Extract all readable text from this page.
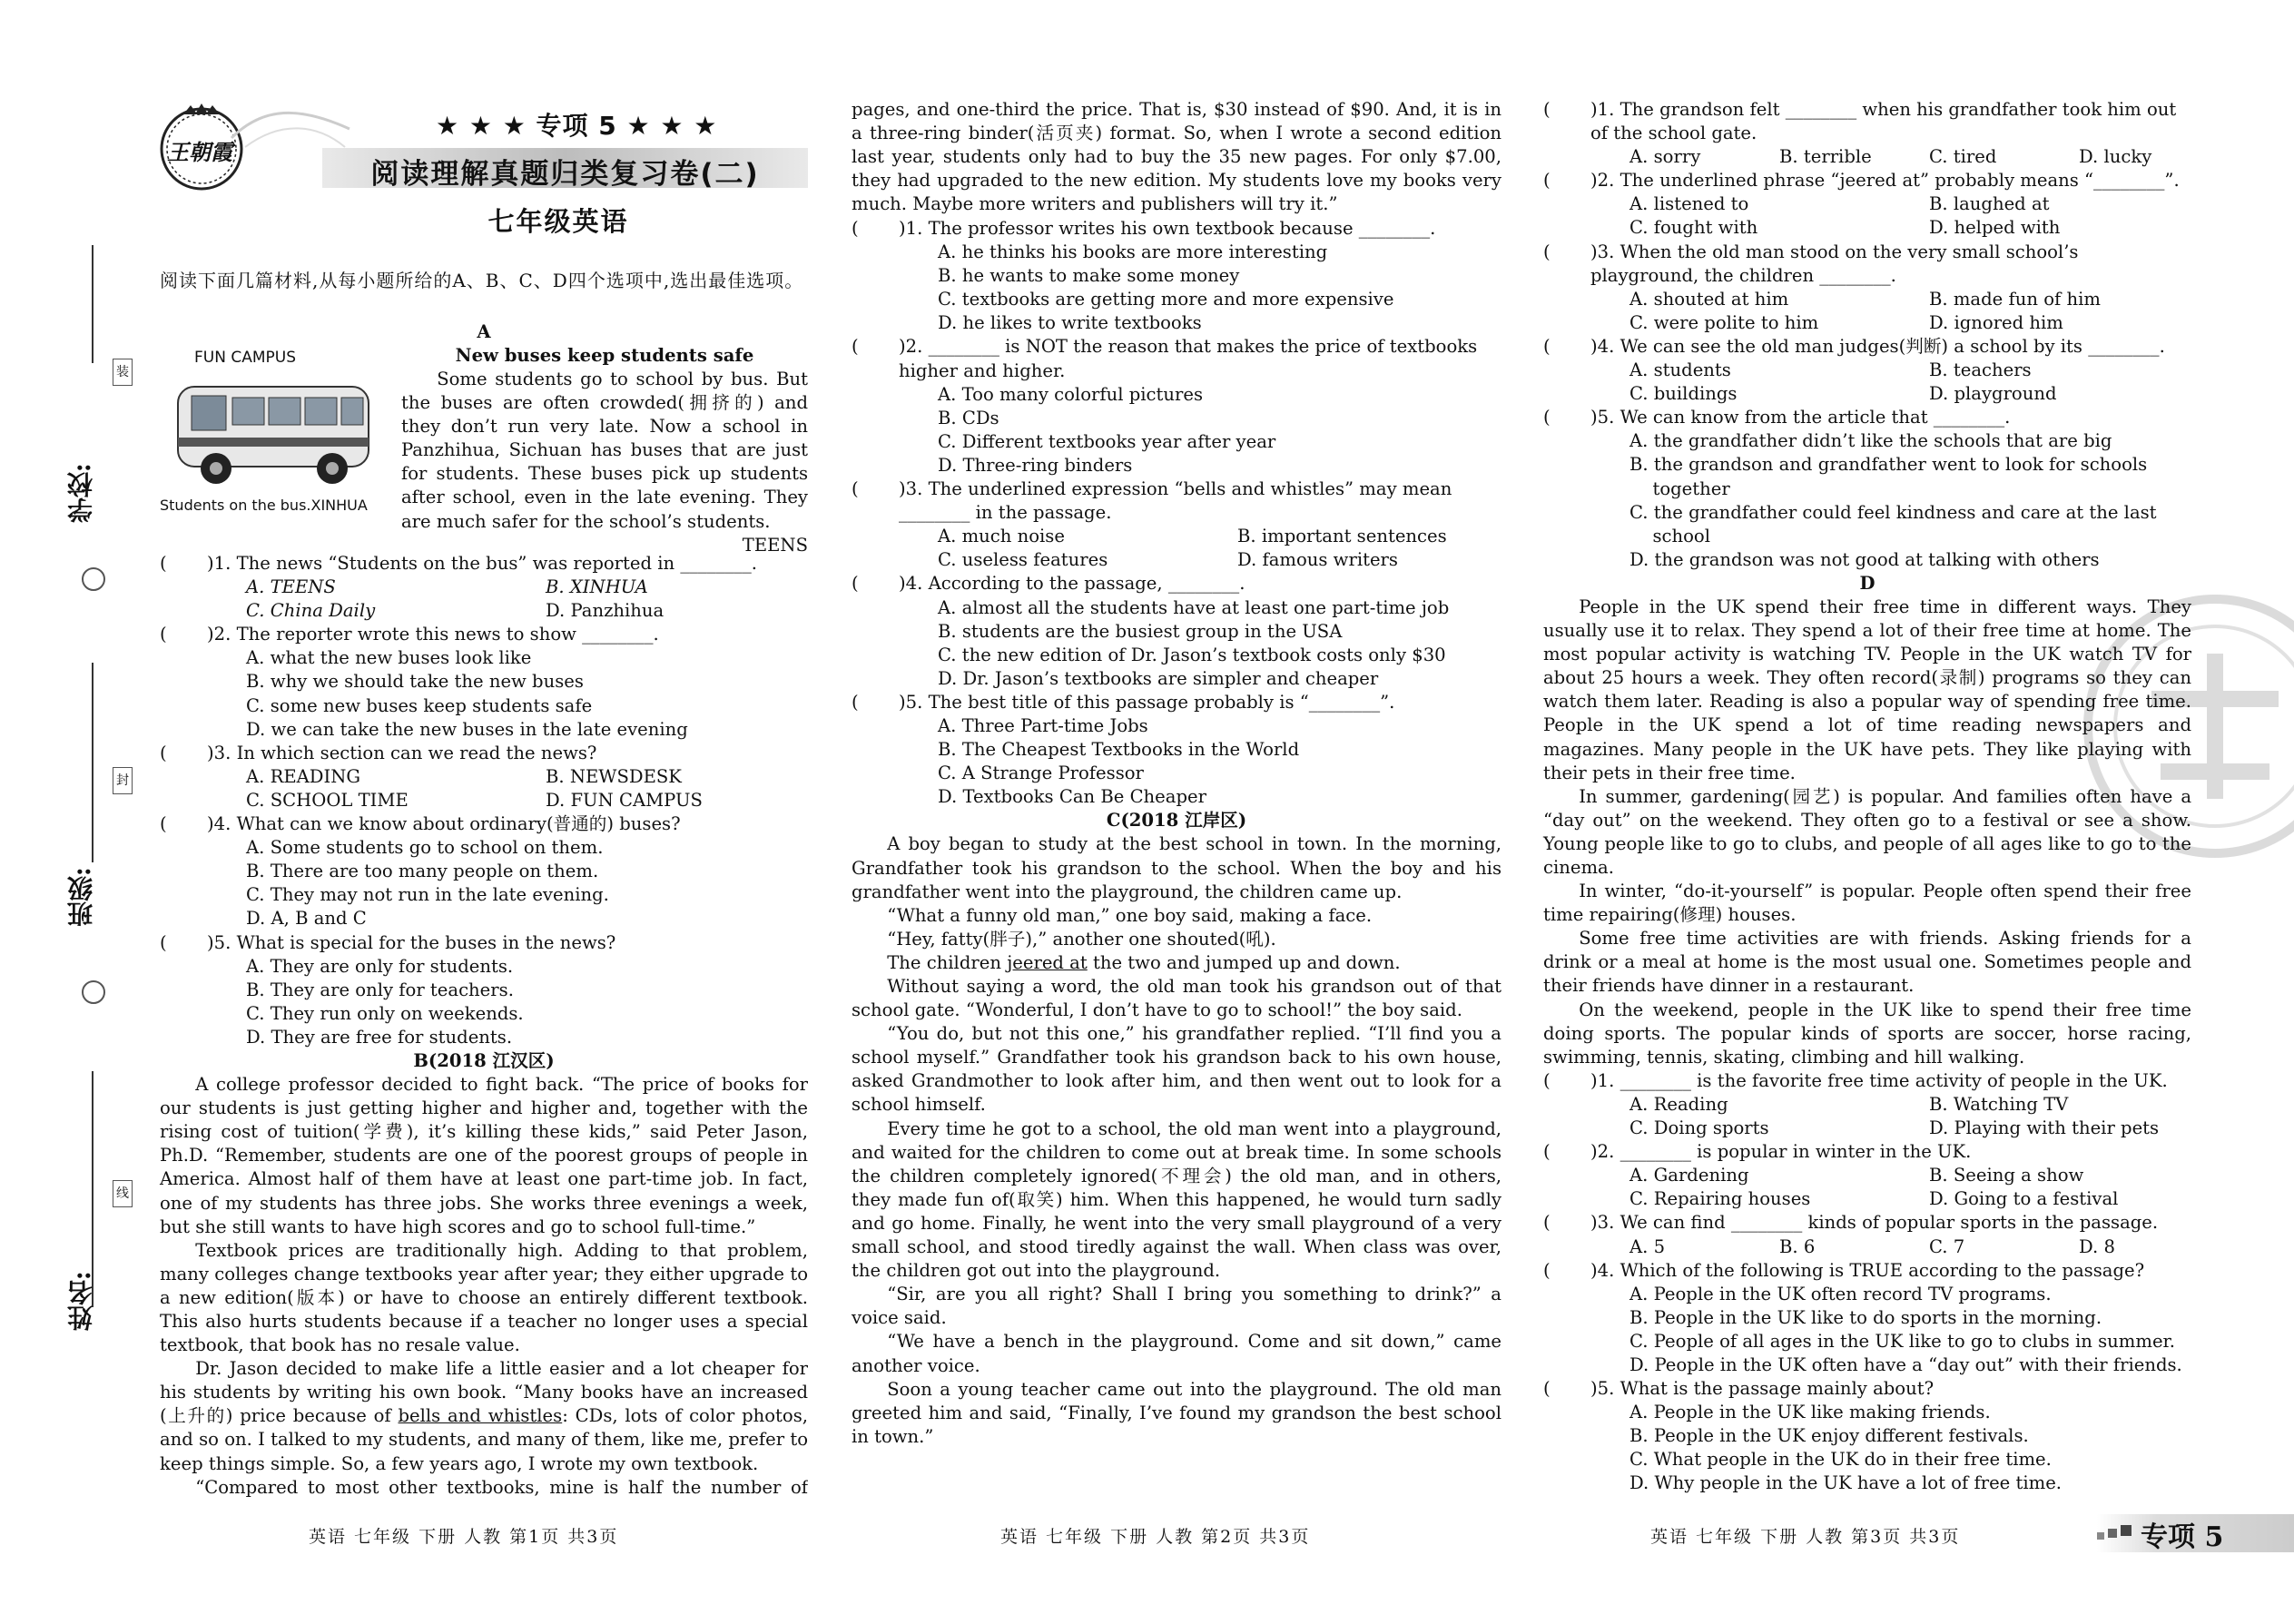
学校:
班级:
姓名:
装
封
线
王朝霞
★ ★ ★ 专项 5 ★ ★ ★
阅读理解真题归类复习卷(二)
七年级英语
阅读下面几篇材料,从每小题所给的A、B、C、D四个选项中,选出最佳选项。
FUN CAMPUS
Students on the bus.XINHUA
A
New buses keep students safe

Some students go to school by bus. But the buses are often crowded(拥挤的) and they don’t run very late. Now a school in Panzhihua, Sichuan has buses that are just for students. These buses pick up students after school, even in the late evening. They are much safer for the school’s students.

TEENS

( )1. The news “Students on the bus” was reported in ________.
A. TEENS	B. XINHUA
C. China Daily	D. Panzhihua
( )2. The reporter wrote this news to show ________.

A. what the new buses look like

B. why we should take the new buses

C. some new buses keep students safe

D. we can take the new buses in the late evening

( )3. In which section can we read the news?
A. READING	B. NEWSDESK
C. SCHOOL TIME	D. FUN CAMPUS
( )4. What can we know about ordinary(普通的) buses?

A. Some students go to school on them.

B. There are too many people on them.

C. They may not run in the late evening.

D. A, B and C

( )5. What is special for the buses in the news?

A. They are only for students.

B. They are only for teachers.

C. They run only on weekends.

D. They are free for students.

B(2018 江汉区)

A college professor decided to fight back. “The price of books for our students is just getting higher and higher and, together with the rising cost of tuition(学费), it’s killing these kids,” said Peter Jason, Ph.D. “Remember, students are one of the poorest groups of people in America. Almost half of them have at least one part-time job. In fact, one of my students has three jobs. She works three evenings a week, but she still wants to have high scores and go to school full-time.”

Textbook prices are traditionally high. Adding to that problem, many colleges change textbooks year after year; they either upgrade to a new edition(版本) or have to choose an entirely different textbook. This also hurts students because if a teacher no longer uses a special textbook, that book has no resale value.

Dr. Jason decided to make life a little easier and a lot cheaper for his students by writing his own book. “Many books have an increased (上升的) price because of bells and whistles: CDs, lots of color photos, and so on. I talked to my students, and many of them, like me, prefer to keep things simple. So, a few years ago, I wrote my own textbook.

“Compared to most other textbooks, mine is half the number of

pages, and one-third the price. That is, $30 instead of $90. And, it is in a three-ring binder(活页夹) format. So, when I wrote a second edition last year, students only had to buy the 35 new pages. For only $7.00, they had upgraded to the new edition. My students love my books very much. Maybe more writers and publishers will try it.”

( )1. The professor writes his own textbook because ________.

A. he thinks his books are more interesting

B. he wants to make some money

C. textbooks are getting more and more expensive

D. he likes to write textbooks

( )2. ________ is NOT the reason that makes the price of textbooks higher and higher.

A. Too many colorful pictures

B. CDs

C. Different textbooks year after year

D. Three-ring binders

( )3. The underlined expression “bells and whistles” may mean ________ in the passage.
A. much noise	B. important sentences
C. useless features	D. famous writers
( )4. According to the passage, ________.

A. almost all the students have at least one part-time job

B. students are the busiest group in the USA

C. the new edition of Dr. Jason’s textbook costs only $30

D. Dr. Jason’s textbooks are simpler and cheaper

( )5. The best title of this passage probably is “________”.

A. Three Part-time Jobs

B. The Cheapest Textbooks in the World

C. A Strange Professor

D. Textbooks Can Be Cheaper

C(2018 江岸区)

A boy began to study at the best school in town. In the morning, Grandfather took his grandson to the school. When the boy and his grandfather went into the playground, the children came up.

“What a funny old man,” one boy said, making a face.

“Hey, fatty(胖子),” another one shouted(吼).

The children jeered at the two and jumped up and down.

Without saying a word, the old man took his grandson out of that school gate. “Wonderful, I don’t have to go to school!” the boy said.

“You do, but not this one,” his grandfather replied. “I’ll find you a school myself.” Grandfather took his grandson back to his own house, asked Grandmother to look after him, and then went out to look for a school himself.

Every time he got to a school, the old man went into a playground, and waited for the children to come out at break time. In some schools the children completely ignored(不理会) the old man, and in others, they made fun of(取笑) him. When this happened, he would turn sadly and go home. Finally, he went into the very small playground of a very small school, and stood tiredly against the wall. When class was over, the children got out into the playground.

“Sir, are you all right? Shall I bring you something to drink?” a voice said.

“We have a bench in the playground. Come and sit down,” came another voice.

Soon a young teacher came out into the playground. The old man greeted him and said, “Finally, I’ve found my grandson the best school in town.”

( )1. The grandson felt ________ when his grandfather took him out of the school gate.
A. sorry	B. terrible	C. tired	D. lucky
( )2. The underlined phrase “jeered at” probably means “________”.
A. listened to	B. laughed at
C. fought with	D. helped with
( )3. When the old man stood on the very small school’s playground, the children ________.
A. shouted at him	B. made fun of him
C. were polite to him	D. ignored him
( )4. We can see the old man judges(判断) a school by its ________.
A. students	B. teachers
C. buildings	D. playground
( )5. We can know from the article that ________.

A. the grandfather didn’t like the schools that are big

B. the grandson and grandfather went to look for schools together

C. the grandfather could feel kindness and care at the last school

D. the grandson was not good at talking with others

D

People in the UK spend their free time in different ways. They usually use it to relax. They spend a lot of their free time at home. The most popular activity is watching TV. People in the UK watch TV for about 25 hours a week. They often record(录制) programs so they can watch them later. Reading is also a popular way of spending free time. People in the UK spend a lot of time reading newspapers and magazines. Many people in the UK have pets. They like playing with their pets in their free time.

In summer, gardening(园艺) is popular. And families often have a “day out” on the weekend. They often go to a festival or see a show. Young people like to go to clubs, and people of all ages like to go to the cinema.

In winter, “do-it-yourself” is popular. People often spend their free time repairing(修理) houses.

Some free time activities are with friends. Asking friends for a drink or a meal at home is the most usual one. Sometimes people and their friends have dinner in a restaurant.

On the weekend, people in the UK like to spend their free time doing sports. The popular kinds of sports are soccer, horse racing, swimming, tennis, skating, climbing and hill walking.

( )1. ________ is the favorite free time activity of people in the UK.
A. Reading	B. Watching TV
C. Doing sports	D. Playing with their pets
( )2. ________ is popular in winter in the UK.
A. Gardening	B. Seeing a show
C. Repairing houses	D. Going to a festival
( )3. We can find ________ kinds of popular sports in the passage.
A. 5	B. 6	C. 7	D. 8
( )4. Which of the following is TRUE according to the passage?

A. People in the UK often record TV programs.

B. People in the UK like to do sports in the morning.

C. People of all ages in the UK like to go to clubs in summer.

D. People in the UK often have a “day out” with their friends.

( )5. What is the passage mainly about?

A. People in the UK like making friends.

B. People in the UK enjoy different festivals.

C. What people in the UK do in their free time.

D. Why people in the UK have a lot of free time.

英语 七年级 下册 人教 第1页 共3页	英语 七年级 下册 人教 第2页 共3页	英语 七年级 下册 人教 第3页 共3页	专项 5
